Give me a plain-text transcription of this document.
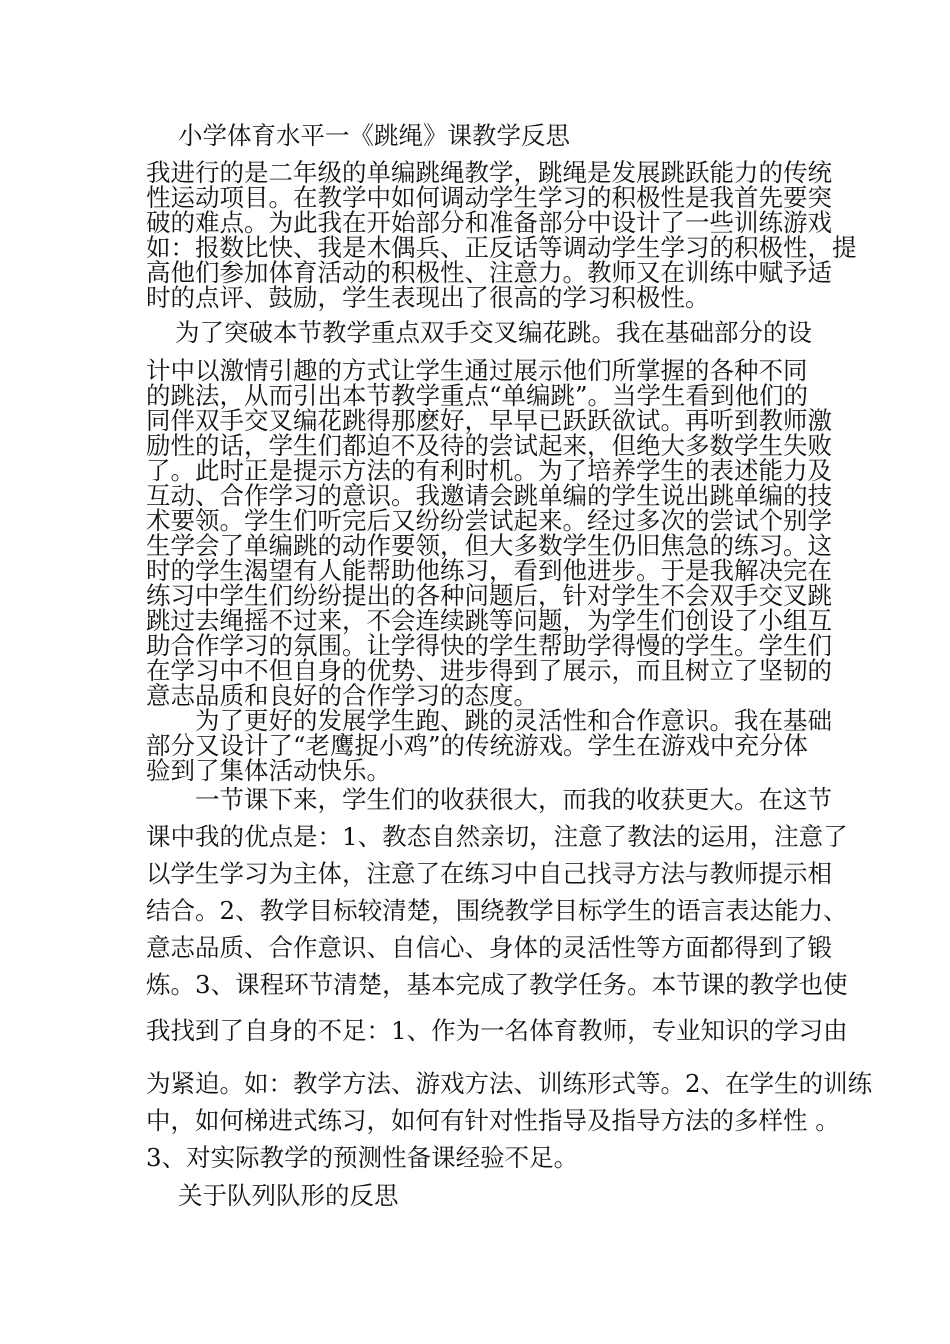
小学体育水平一《跳绳》课教学反思
我进行的是二年级的单编跳绳教学，跳绳是发展跳跃能力的传统
性运动项目。在教学中如何调动学生学习的积极性是我首先要突
破的难点。为此我在开始部分和准备部分中设计了一些训练游戏
如：报数比快、我是木偶兵、正反话等调动学生学习的积极性，提
高他们参加体育活动的积极性、注意力。教师又在训练中赋予适
时的点评、鼓励，学生表现出了很高的学习积极性。
为了突破本节教学重点双手交叉编花跳。我在基础部分的设
计中以激情引趣的方式让学生通过展示他们所掌握的各种不同
的跳法，从而引出本节教学重点“单编跳”。当学生看到他们的
同伴双手交叉编花跳得那麽好，早早已跃跃欲试。再听到教师激
励性的话，学生们都迫不及待的尝试起来，但绝大多数学生失败
了。此时正是提示方法的有利时机。为了培养学生的表述能力及
互动、合作学习的意识。我邀请会跳单编的学生说出跳单编的技
术要领。学生们听完后又纷纷尝试起来。经过多次的尝试个别学
生学会了单编跳的动作要领，但大多数学生仍旧焦急的练习。这
时的学生渴望有人能帮助他练习，看到他进步。于是我解决完在
练习中学生们纷纷提出的各种问题后，针对学生不会双手交叉跳
跳过去绳摇不过来，不会连续跳等问题，为学生们创设了小组互
助合作学习的氛围。让学得快的学生帮助学得慢的学生。学生们
在学习中不但自身的优势、进步得到了展示，而且树立了坚韧的
意志品质和良好的合作学习的态度。
为了更好的发展学生跑、跳的灵活性和合作意识。我在基础
部分又设计了“老鹰捉小鸡”的传统游戏。学生在游戏中充分体
验到了集体活动快乐。
一节课下来，学生们的收获很大，而我的收获更大。在这节
课中我的优点是：1、教态自然亲切，注意了教法的运用，注意了
以学生学习为主体，注意了在练习中自己找寻方法与教师提示相
结合。2、教学目标较清楚，围绕教学目标学生的语言表达能力、
意志品质、合作意识、自信心、身体的灵活性等方面都得到了锻
炼。3、课程环节清楚，基本完成了教学任务。本节课的教学也使
我找到了自身的不足：1、作为一名体育教师，专业知识的学习由
为紧迫。如：教学方法、游戏方法、训练形式等。2、在学生的训练
中，如何梯进式练习，如何有针对性指导及指导方法的多样性 。
3、对实际教学的预测性备课经验不足。
关于队列队形的反思
